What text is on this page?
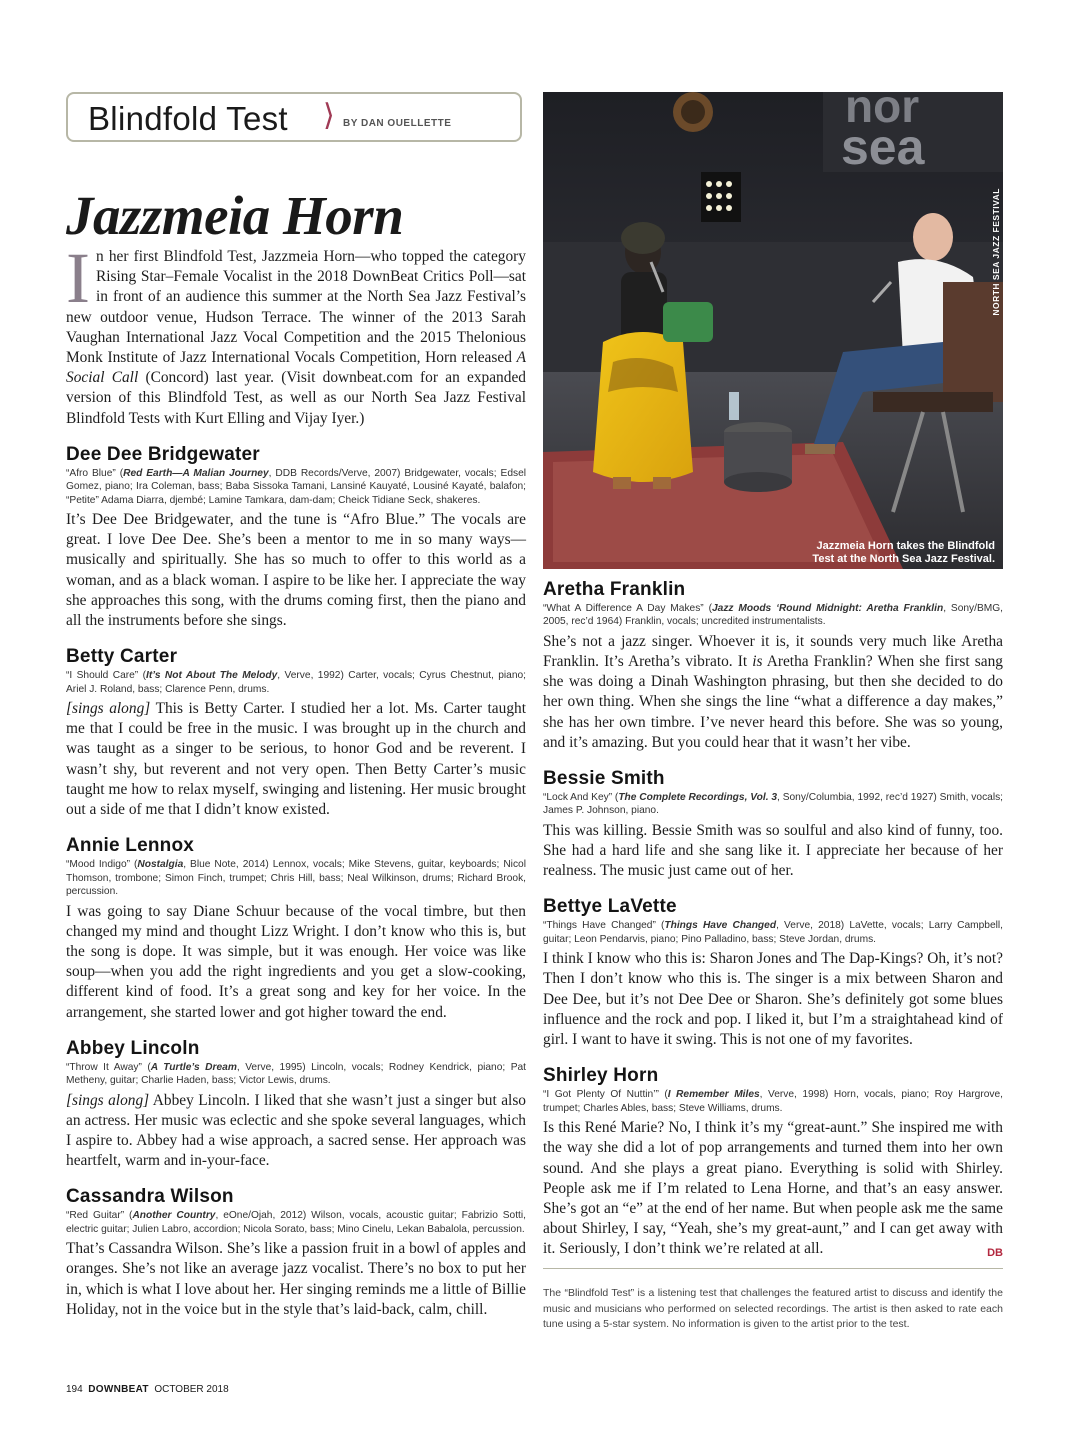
Blindfold Test ⟩ BY DAN OUELLETTE
Jazzmeia Horn
nor
sea
NORTH SEA JAZZ FESTIVAL
Jazzmeia Horn takes the Blindfold
Test at the North Sea Jazz Festival.

In her first Blindfold Test, Jazzmeia Horn—who topped the category Rising Star–Female Vocalist in the 2018 DownBeat Critics Poll—sat in front of an audience this summer at the North Sea Jazz Festival’s new outdoor venue, Hudson Terrace. The winner of the 2013 Sarah Vaughan International Jazz Vocal Competition and the 2015 Thelonious Monk Institute of Jazz International Vocals Competition, Horn released A Social Call (Concord) last year. (Visit downbeat.com for an expanded version of this Blindfold Test, as well as our North Sea Jazz Festival Blindfold Tests with Kurt Elling and Vijay Iyer.)

Dee Dee Bridgewater
“Afro Blue” (Red Earth—A Malian Journey, DDB Records/Verve, 2007) Bridgewater, vocals; Edsel Gomez, piano; Ira Coleman, bass; Baba Sissoka Tamani, Lansiné Kauyaté, Lousiné Kayaté, balafon; “Petite” Adama Diarra, djembé; Lamine Tamkara, dam-dam; Cheick Tidiane Seck, shakeres.

It’s Dee Dee Bridgewater, and the tune is “Afro Blue.” The vocals are great. I love Dee Dee. She’s been a mentor to me in so many ways—musically and spiritually. She has so much to offer to this world as a woman, and as a black woman. I aspire to be like her. I appreciate the way she approaches this song, with the drums coming first, then the piano and all the instruments before she sings.

Betty Carter
“I Should Care” (It’s Not About The Melody, Verve, 1992) Carter, vocals; Cyrus Chestnut, piano; Ariel J. Roland, bass; Clarence Penn, drums.

[sings along] This is Betty Carter. I studied her a lot. Ms. Carter taught me that I could be free in the music. I was brought up in the church and was taught as a singer to be serious, to honor God and be reverent. I wasn’t shy, but reverent and not very open. Then Betty Carter’s music taught me how to relax myself, swinging and listening. Her music brought out a side of me that I didn’t know existed.

Annie Lennox
“Mood Indigo” (Nostalgia, Blue Note, 2014) Lennox, vocals; Mike Stevens, guitar, keyboards; Nicol Thomson, trombone; Simon Finch, trumpet; Chris Hill, bass; Neal Wilkinson, drums; Richard Brook, percussion.

I was going to say Diane Schuur because of the vocal timbre, but then changed my mind and thought Lizz Wright. I don’t know who this is, but the song is dope. It was simple, but it was enough. Her voice was like soup—when you add the right ingredients and you get a slow-cooking, different kind of food. It’s a great song and key for her voice. In the arrangement, she started lower and got higher toward the end.

Abbey Lincoln
“Throw It Away” (A Turtle’s Dream, Verve, 1995) Lincoln, vocals; Rodney Kendrick, piano; Pat Metheny, guitar; Charlie Haden, bass; Victor Lewis, drums.

[sings along] Abbey Lincoln. I liked that she wasn’t just a singer but also an actress. Her music was eclectic and she spoke several languages, which I aspire to. Abbey had a wise approach, a sacred sense. Her approach was heartfelt, warm and in-your-face.

Cassandra Wilson
“Red Guitar” (Another Country, eOne/Ojah, 2012) Wilson, vocals, acoustic guitar; Fabrizio Sotti, electric guitar; Julien Labro, accordion; Nicola Sorato, bass; Mino Cinelu, Lekan Babalola, percussion.

That’s Cassandra Wilson. She’s like a passion fruit in a bowl of apples and oranges. She’s not like an average jazz vocalist. There’s no box to put her in, which is what I love about her. Her singing reminds me a little of Billie Holiday, not in the voice but in the style that’s laid-back, calm, chill.

Aretha Franklin
“What A Difference A Day Makes” (Jazz Moods ‘Round Midnight: Aretha Franklin, Sony/BMG, 2005, rec’d 1964) Franklin, vocals; uncredited instrumentalists.

She’s not a jazz singer. Whoever it is, it sounds very much like Aretha Franklin. It’s Aretha’s vibrato. It is Aretha Franklin? When she first sang she was doing a Dinah Washington phrasing, but then she decided to do her own thing. When she sings the line “what a difference a day makes,” she has her own timbre. I’ve never heard this before. She was so young, and it’s amazing. But you could hear that it wasn’t her vibe.

Bessie Smith
“Lock And Key” (The Complete Recordings, Vol. 3, Sony/Columbia, 1992, rec’d 1927) Smith, vocals; James P. Johnson, piano.

This was killing. Bessie Smith was so soulful and also kind of funny, too. She had a hard life and she sang like it. I appreciate her because of her realness. The music just came out of her.

Bettye LaVette
“Things Have Changed” (Things Have Changed, Verve, 2018) LaVette, vocals; Larry Campbell, guitar; Leon Pendarvis, piano; Pino Palladino, bass; Steve Jordan, drums.

I think I know who this is: Sharon Jones and The Dap-Kings? Oh, it’s not? Then I don’t know who this is. The singer is a mix between Sharon and Dee Dee, but it’s not Dee Dee or Sharon. She’s definitely got some blues influence and the rock and pop. I liked it, but I’m a straightahead kind of girl. I want to have it swing. This is not one of my favorites.

Shirley Horn
“I Got Plenty Of Nuttin’” (I Remember Miles, Verve, 1998) Horn, vocals, piano; Roy Hargrove, trumpet; Charles Ables, bass; Steve Williams, drums.

Is this René Marie? No, I think it’s my “great-aunt.” She inspired me with the way she did a lot of pop arrangements and turned them into her own sound. And she plays a great piano. Everything is solid with Shirley. People ask me if I’m related to Lena Horne, and that’s an easy answer. She’s got an “e” at the end of her name. But when people ask me the same about Shirley, I say, “Yeah, she’s my great-aunt,” and I can get away with it. Seriously, I don’t think we’re related at all.	DB

The “Blindfold Test” is a listening test that challenges the featured artist to discuss and identify the music and musicians who performed on selected recordings. The artist is then asked to rate each tune using a 5-star system. No information is given to the artist prior to the test.
194 DOWNBEAT OCTOBER 2018
